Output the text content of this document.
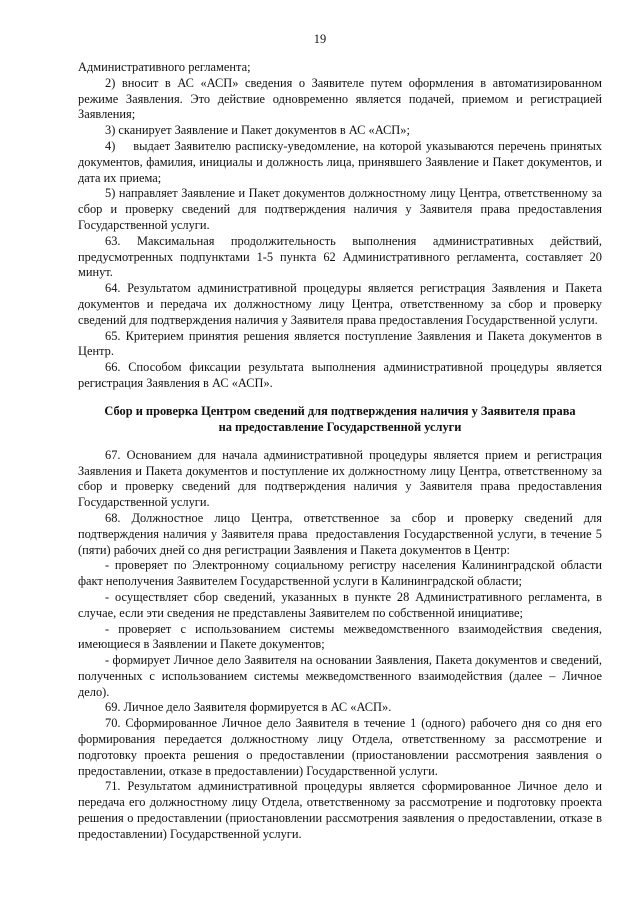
19

Административного регламента;

2) вносит в АС «АСП» сведения о Заявителе путем оформления в автоматизированном режиме Заявления. Это действие одновременно является подачей, приемом и регистрацией Заявления;

3) сканирует Заявление и Пакет документов в АС «АСП»;

4)    выдает Заявителю расписку-уведомление, на которой указываются перечень принятых документов, фамилия, инициалы и должность лица, принявшего Заявление и Пакет документов, и дата их приема;

5) направляет Заявление и Пакет документов должностному лицу Центра, ответственному за сбор и проверку сведений для подтверждения наличия у Заявителя права предоставления Государственной услуги.

63. Максимальная продолжительность выполнения административных действий, предусмотренных подпунктами 1-5 пункта 62 Административного регламента, составляет 20 минут.

64. Результатом административной процедуры является регистрация Заявления и Пакета документов и передача их должностному лицу Центра, ответственному за сбор и проверку сведений для подтверждения наличия у Заявителя права предоставления Государственной услуги.

65. Критерием принятия решения является поступление Заявления и Пакета документов в Центр.

66. Способом фиксации результата выполнения административной процедуры является регистрация Заявления в АС «АСП».

Сбор и проверка Центром сведений для подтверждения наличия у Заявителя права
на предоставление Государственной услуги

67. Основанием для начала административной процедуры является прием и регистрация Заявления и Пакета документов и поступление их должностному лицу Центра, ответственному за сбор и проверку сведений для подтверждения наличия у Заявителя права предоставления Государственной услуги.

68. Должностное лицо Центра, ответственное за сбор и проверку сведений для подтверждения наличия у Заявителя права  предоставления Государственной услуги, в течение 5 (пяти) рабочих дней со дня регистрации Заявления и Пакета документов в Центр:

- проверяет по Электронному социальному регистру населения Калининградской области факт неполучения Заявителем Государственной услуги в Калининградской области;

- осуществляет сбор сведений, указанных в пункте 28 Административного регламента, в случае, если эти сведения не представлены Заявителем по собственной инициативе;

- проверяет с использованием системы межведомственного взаимодействия сведения, имеющиеся в Заявлении и Пакете документов;

- формирует Личное дело Заявителя на основании Заявления, Пакета документов и сведений, полученных с использованием системы межведомственного взаимодействия (далее – Личное дело).

69. Личное дело Заявителя формируется в АС «АСП».

70. Сформированное Личное дело Заявителя в течение 1 (одного) рабочего дня со дня его формирования передается должностному лицу Отдела, ответственному за рассмотрение и подготовку проекта решения о предоставлении (приостановлении рассмотрения заявления о предоставлении, отказе в предоставлении) Государственной услуги.

71. Результатом административной процедуры является сформированное Личное дело и передача его должностному лицу Отдела, ответственному за рассмотрение и подготовку проекта решения о предоставлении (приостановлении рассмотрения заявления о предоставлении, отказе в предоставлении) Государственной услуги.
